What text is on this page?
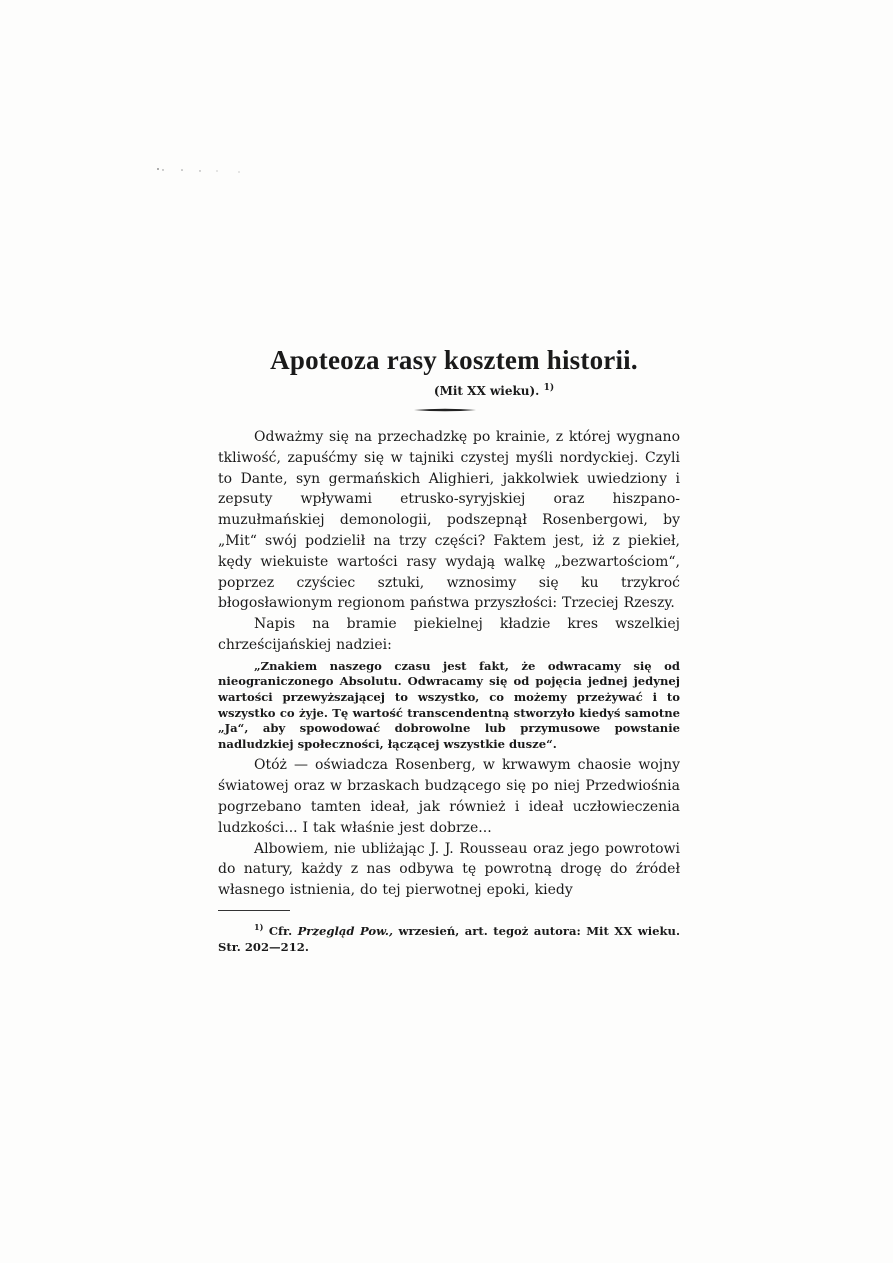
Apoteoza rasy kosztem historii.

(Mit XX wieku). $^{1)}$

Odważmy się na przechadzkę po krainie, z której wygnano tkliwość, zapuśćmy się w tajniki czystej myśli nordyckiej. Czyli to Dante, syn germańskich Alighieri, jakkolwiek uwiedziony i zepsuty wpływami etrusko-syryjskiej oraz hiszpano-muzułmańskiej demonologii, podszepnął Rosenbergowi, by „Mit“ swój podzielił na trzy części? Faktem jest, iż z piekieł, kędy wiekuiste wartości rasy wydają walkę „bezwartościom“, poprzez czyściec sztuki, wznosimy się ku trzykroć błogosławionym regionom państwa przyszłości: Trzeciej Rzeszy.

Napis na bramie piekielnej kładzie kres wszelkiej chrześcijańskiej nadziei:

„Znakiem naszego czasu jest fakt, że odwracamy się od nieograniczonego Absolutu. Odwracamy się od pojęcia jednej jedynej wartości przewyższającej to wszystko, co możemy przeżywać i to wszystko co żyje. Tę wartość transcendentną stworzyło kiedyś samotne „Ja“, aby spowodować dobrowolne lub przymusowe powstanie nadludzkiej społeczności, łączącej wszystkie dusze“.

Otóż — oświadcza Rosenberg, w krwawym chaosie wojny światowej oraz w brzaskach budzącego się po niej Przedwiośnia pogrzebano tamten ideał, jak również i ideał uczłowieczenia ludzkości... I tak właśnie jest dobrze...

Albowiem, nie ubliżając J. J. Rousseau oraz jego powrotowi do natury, każdy z nas odbywa tę powrotną drogę do źródeł własnego istnienia, do tej pierwotnej epoki, kiedy

$^{1)}$ Cfr. Przegląd Pow., wrzesień, art. tegoż autora: Mit XX wieku. Str. 202—212.
